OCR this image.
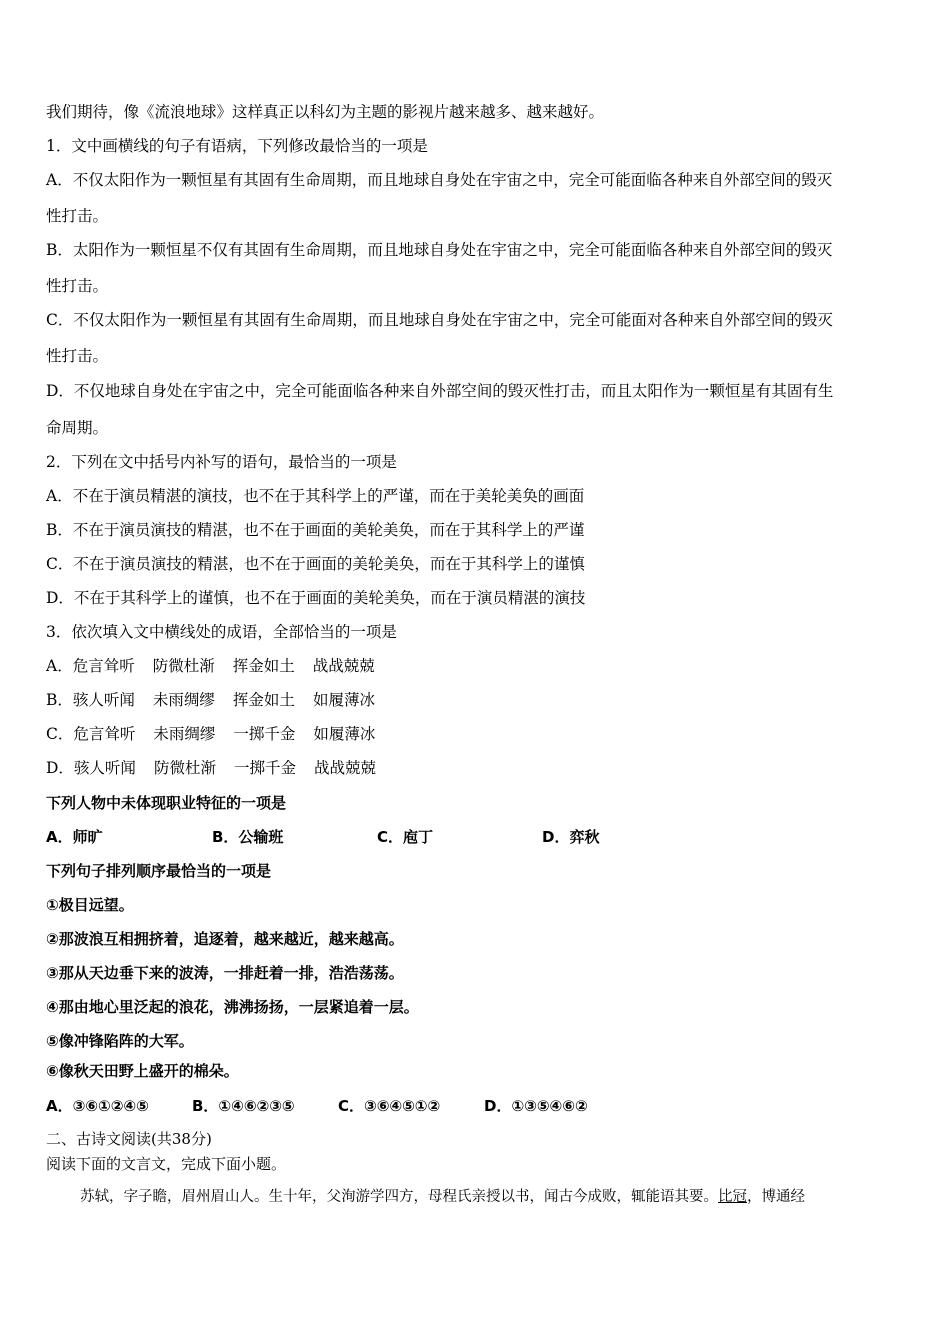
我们期待，像《流浪地球》这样真正以科幻为主题的影视片越来越多、越来越好。
1．文中画横线的句子有语病，下列修改最恰当的一项是
A．不仅太阳作为一颗恒星有其固有生命周期，而且地球自身处在宇宙之中，完全可能面临各种来自外部空间的毁灭
性打击。
B．太阳作为一颗恒星不仅有其固有生命周期，而且地球自身处在宇宙之中，完全可能面临各种来自外部空间的毁灭
性打击。
C．不仅太阳作为一颗恒星有其固有生命周期，而且地球自身处在宇宙之中，完全可能面对各种来自外部空间的毁灭
性打击。
D．不仅地球自身处在宇宙之中，完全可能面临各种来自外部空间的毁灭性打击，而且太阳作为一颗恒星有其固有生
命周期。
2．下列在文中括号内补写的语句，最恰当的一项是
A．不在于演员精湛的演技，也不在于其科学上的严谨，而在于美轮美奂的画面
B．不在于演员演技的精湛，也不在于画面的美轮美奂，而在于其科学上的严谨
C．不在于演员演技的精湛，也不在于画面的美轮美奂，而在于其科学上的谨慎
D．不在于其科学上的谨慎，也不在于画面的美轮美奂，而在于演员精湛的演技
3．依次填入文中横线处的成语，全部恰当的一项是
A．危言耸听 防微杜渐 挥金如土 战战兢兢
B．骇人听闻 未雨绸缪 挥金如土 如履薄冰
C．危言耸听 未雨绸缪 一掷千金 如履薄冰
D．骇人听闻 防微杜渐 一掷千金 战战兢兢
下列人物中未体现职业特征的一项是
A．师旷	B．公输班	C．庖丁	D．弈秋
下列句子排列顺序最恰当的一项是
①极目远望。
②那波浪互相拥挤着，追逐着，越来越近，越来越高。
③那从天边垂下来的波涛，一排赶着一排，浩浩荡荡。
④那由地心里泛起的浪花，沸沸扬扬，一层紧追着一层。
⑤像冲锋陷阵的大军。
⑥像秋天田野上盛开的棉朵。
A．③⑥①②④⑤	B．①④⑥②③⑤	C．③⑥④⑤①②	D．①③⑤④⑥②
二、古诗文阅读(共38分)
阅读下面的文言文，完成下面小题。
苏轼，字子瞻，眉州眉山人。生十年，父洵游学四方，母程氏亲授以书，闻古今成败，辄能语其要。比冠，博通经
